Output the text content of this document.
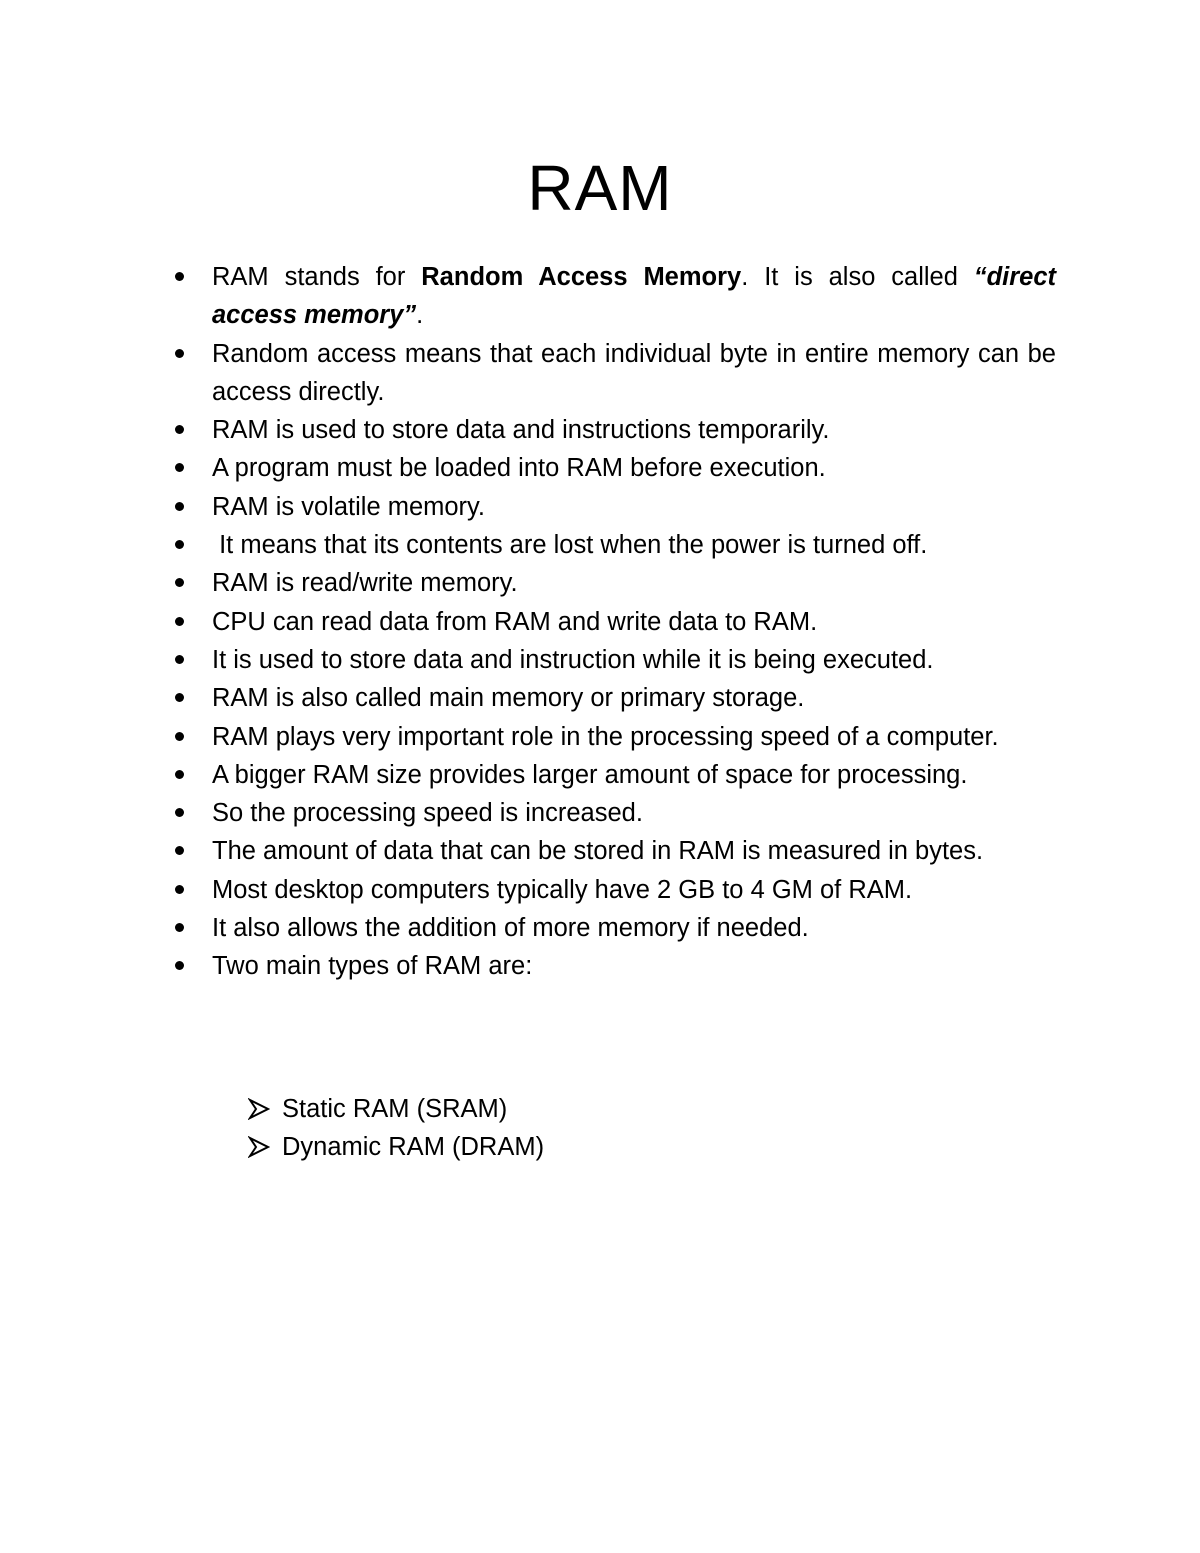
RAM
RAM stands for Random Access Memory. It is also called “direct access memory”.
Random access means that each individual byte in entire memory can be access directly.
RAM is used to store data and instructions temporarily.
A program must be loaded into RAM before execution.
RAM is volatile memory.
It means that its contents are lost when the power is turned off.
RAM is read/write memory.
CPU can read data from RAM and write data to RAM.
It is used to store data and instruction while it is being executed.
RAM is also called main memory or primary storage.
RAM plays very important role in the processing speed of a computer.
A bigger RAM size provides larger amount of space for processing.
So the processing speed is increased.
The amount of data that can be stored in RAM is measured in bytes.
Most desktop computers typically have 2 GB to 4 GM of RAM.
It also allows the addition of more memory if needed.
Two main types of RAM are:
Static RAM (SRAM)
Dynamic RAM (DRAM)
